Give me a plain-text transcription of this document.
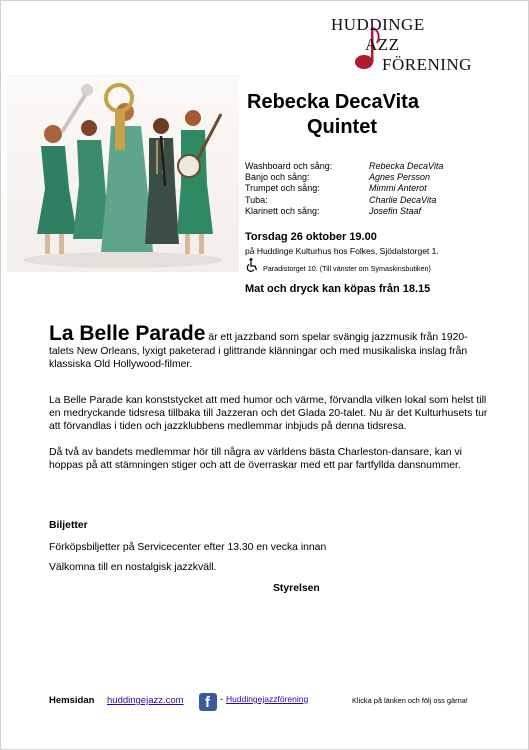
HUDDINGE
AZZ
FÖRENING
Rebecka DecaVita
Quintet
Washboard och sång:	Rebecka DecaVita
Banjo och sång:	Agnes Persson
Trumpet och sång:	Mimmi Anterot
Tuba:	Charlie DecaVita
Klarinett och sång:	Josefin Staaf
Torsdag 26 oktober 19.00
på Huddinge Kulturhus hos Folkes, Sjödalstorget 1.
Paradistorget 10. (Till vänster om Symaskinsbutiken)
Mat och dryck kan köpas från 18.15
La Belle Parade är ett jazzband som spelar svängig jazzmusik från 1920-talets New Orleans, lyxigt paketerad i glittrande klänningar och med musikaliska inslag från klassiska Old Hollywood-filmer.

La Belle Parade kan konststycket att med humor och värme, förvandla vilken lokal som helst till en medryckande tidsresa tillbaka till Jazzeran och det Glada 20-talet. Nu är det Kulturhusets tur att förvandlas i tiden och jazzklubbens medlemmar inbjuds på denna tidsresa.

Då två av bandets medlemmar hör till några av världens bästa Charleston-dansare, kan vi hoppas på att stämningen stiger och att de överraskar med ett par fartfyllda dansnummer.

Biljetter
Förköpsbiljetter på Servicecenter efter 13.30 en vecka innan
Välkomna till en nostalgisk jazzkväll.
Styrelsen
Hemsidan huddingejazz.com f - Huddingejazzförening	Klicka på länken och följ oss gärna!
